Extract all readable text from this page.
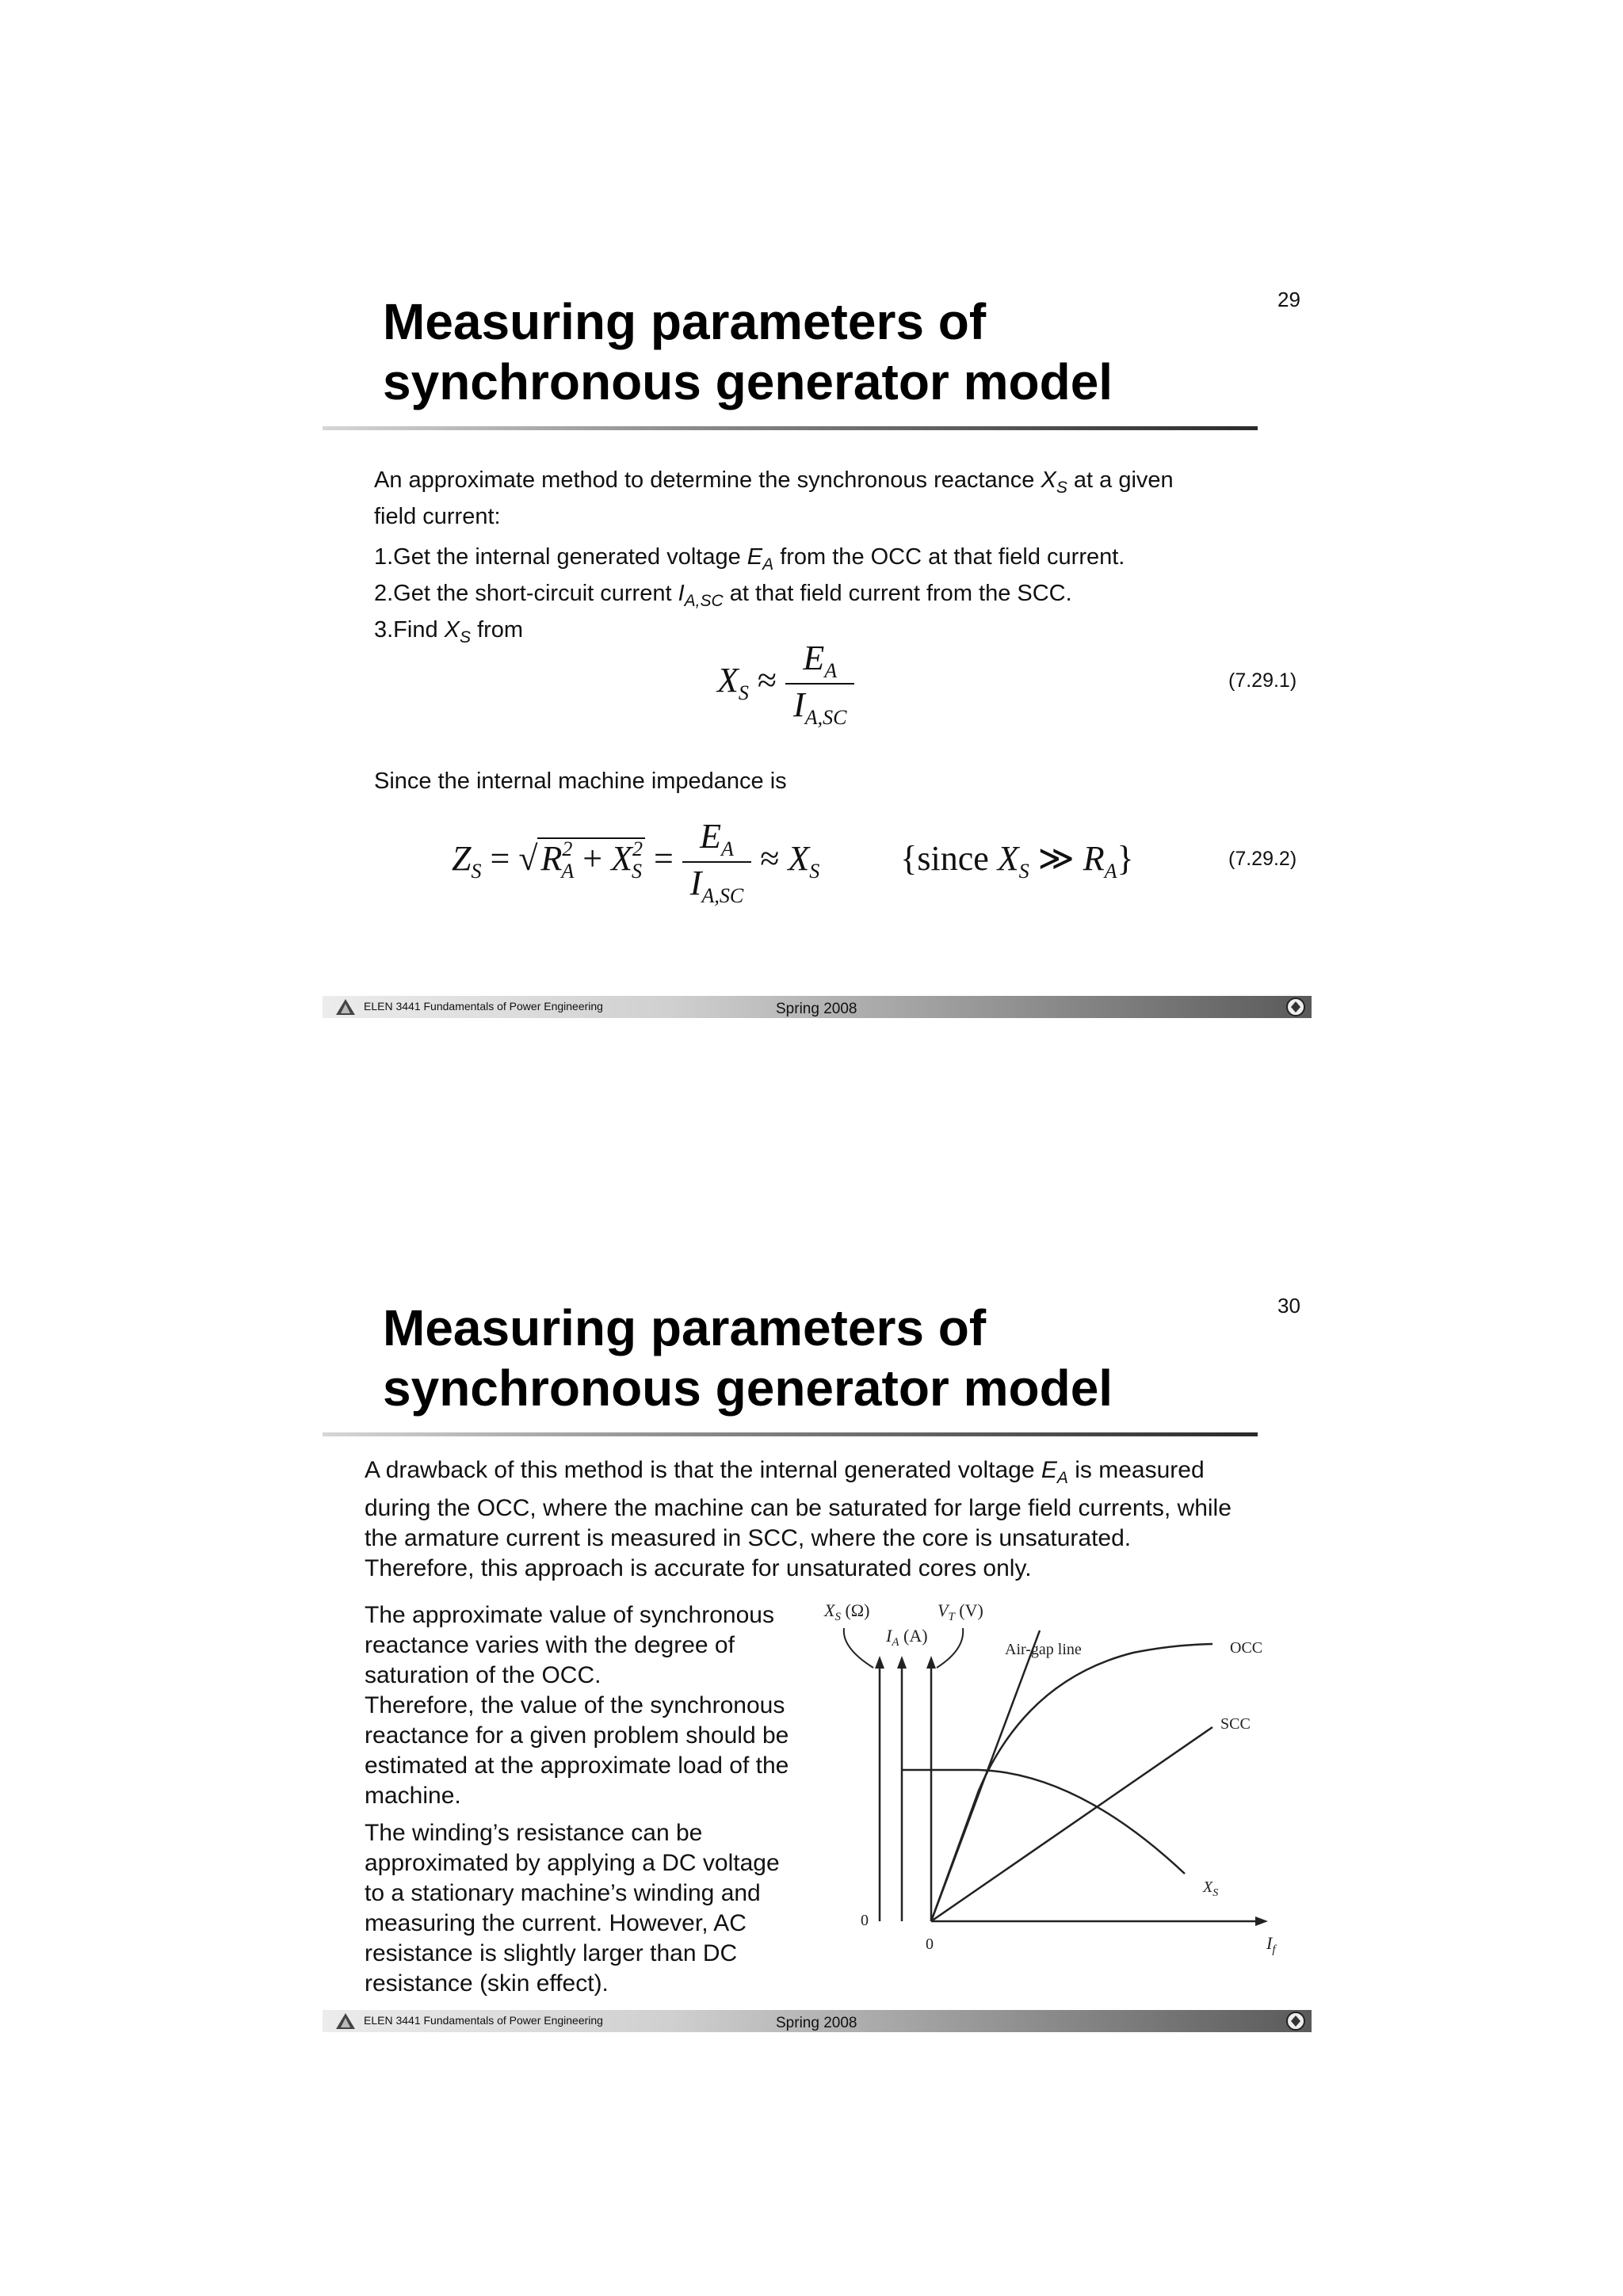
29
Measuring parameters of
synchronous generator model

An approximate method to determine the synchronous reactance $X_S$ at a given

field current:

1.Get the internal generated voltage $E_A$ from the OCC at that field current.

2.Get the short-circuit current $I_{A,SC}$ at that field current from the SCC.

3.Find $X_S$ from

$X_S \approx \frac{E_A}{I_{A,SC}}$	(7.29.1)
Since the internal machine impedance is
$Z_S = √R^2_A + X^2_S = \frac{E_A}{I_{A,SC}} \approx X_S$ {since $X_S$ ≫ $R_A$}	(7.29.2)
ELEN 3441 Fundamentals of Power Engineering	Spring 2008
30
Measuring parameters of
synchronous generator model

A drawback of this method is that the internal generated voltage $E_A$ is measured

during the OCC, where the machine can be saturated for large field currents, while

the armature current is measured in SCC, where the core is unsaturated.

Therefore, this approach is accurate for unsaturated cores only.

The approximate value of synchronous

reactance varies with the degree of

saturation of the OCC.

Therefore, the value of the synchronous

reactance for a given problem should be

estimated at the approximate load of the

machine.

The winding’s resistance can be

approximated by applying a DC voltage

to a stationary machine’s winding and

measuring the current. However, AC

resistance is slightly larger than DC

resistance (skin effect).

$X_S$ (Ω)
$I_A$ (A)
$V_T$ (V)
Air-gap line	OCC
SCC
$X_S$
0
0	$I_f$
ELEN 3441 Fundamentals of Power Engineering	Spring 2008
